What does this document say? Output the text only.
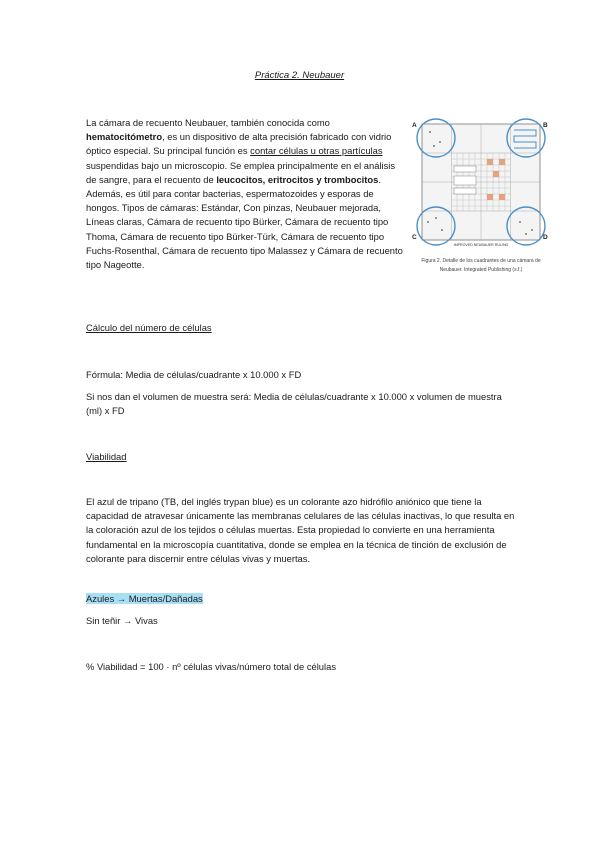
Práctica 2. Neubauer
La cámara de recuento Neubauer, también conocida como hematocitómetro, es un dispositivo de alta precisión fabricado con vidrio óptico especial. Su principal función es contar células u otras partículas suspendidas bajo un microscopio. Se emplea principalmente en el análisis de sangre, para el recuento de leucocitos, eritrocitos y trombocitos. Además, es útil para contar bacterias, espermatozoides y esporas de hongos. Tipos de cámaras: Estándar, Con pinzas, Neubauer mejorada, Líneas claras, Cámara de recuento tipo Bürker, Cámara de recuento tipo Thoma, Cámara de recuento tipo Bürker-Türk, Cámara de recuento tipo Fuchs-Rosenthal, Cámara de recuento tipo Malassez y Cámara de recuento tipo Nageotte.
A	B
C	D
IMPROVED NEUBAUER RULING
Figura 2. Detalle de los cuadrantes de una cámara de
Neubauer. Integrated Publishing (s.f.)
Cálculo del número de células
Fórmula: Media de células/cuadrante x 10.000 x FD
Si nos dan el volumen de muestra será: Media de células/cuadrante x 10.000 x volumen de muestra (ml) x FD
Viabilidad
El azul de tripano (TB, del inglés trypan blue) es un colorante azo hidrófilo aniónico que tiene la capacidad de atravesar únicamente las membranas celulares de las células inactivas, lo que resulta en la coloración azul de los tejidos o células muertas. Esta propiedad lo convierte en una herramienta fundamental en la microscopía cuantitativa, donde se emplea en la técnica de tinción de exclusión de colorante para discernir entre células vivas y muertas.
Azules → Muertas/Dañadas
Sin teñir → Vivas
% Viabilidad = 100 · nº células vivas/número total de células
